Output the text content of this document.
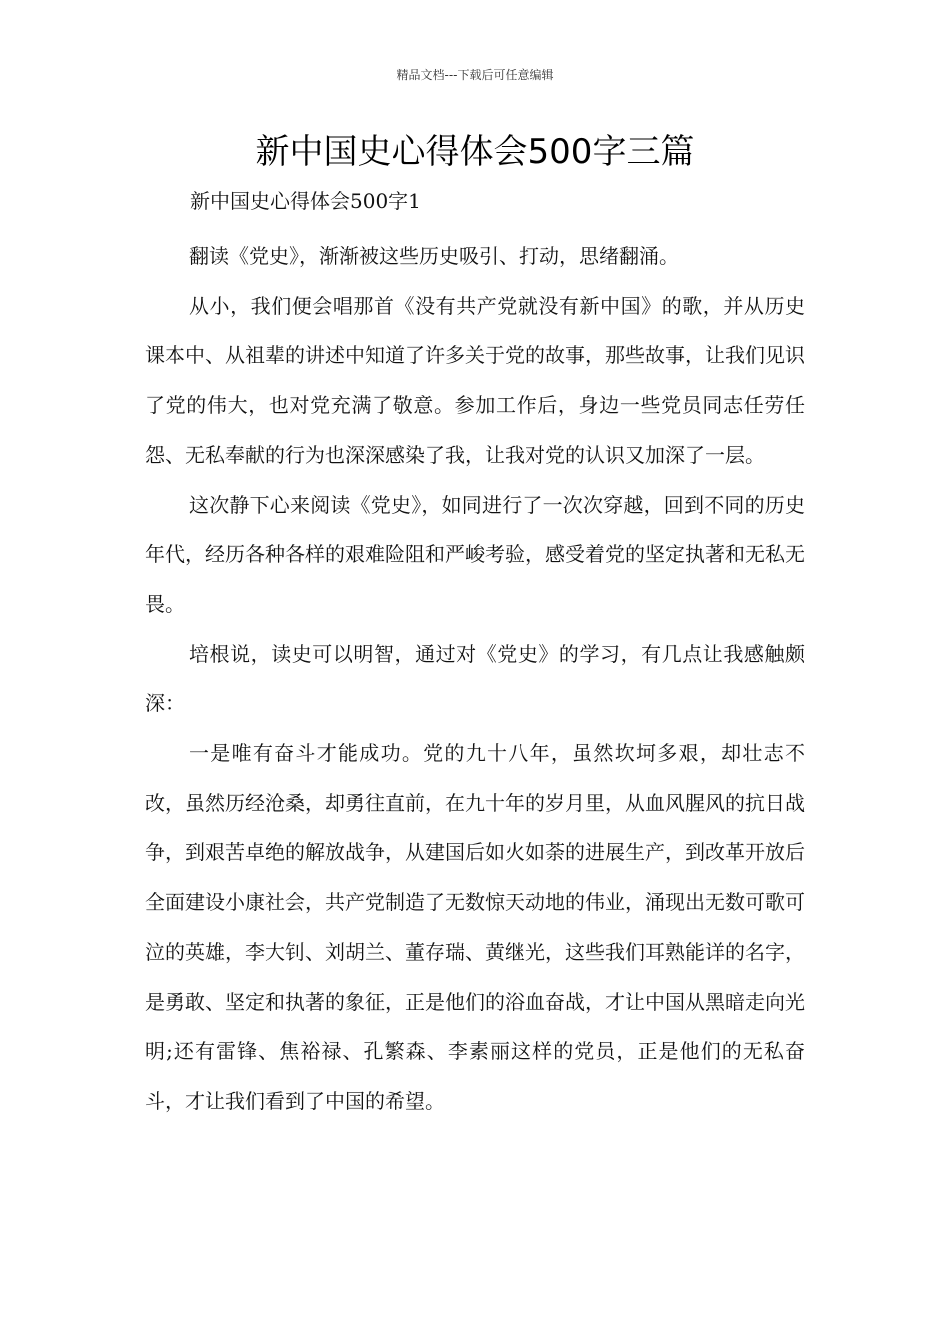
精品文档---下载后可任意编辑
新中国史心得体会500字三篇
新中国史心得体会500字1

翻读《党史》，渐渐被这些历史吸引、打动，思绪翻涌。

从小，我们便会唱那首《没有共产党就没有新中国》的歌，并从历史课本中、从祖辈的讲述中知道了许多关于党的故事，那些故事，让我们见识了党的伟大，也对党充满了敬意。参加工作后，身边一些党员同志任劳任怨、无私奉献的行为也深深感染了我，让我对党的认识又加深了一层。

这次静下心来阅读《党史》，如同进行了一次次穿越，回到不同的历史年代，经历各种各样的艰难险阻和严峻考验，感受着党的坚定执著和无私无畏。

培根说，读史可以明智，通过对《党史》的学习，有几点让我感触颇深：

一是唯有奋斗才能成功。党的九十八年，虽然坎坷多艰，却壮志不改，虽然历经沧桑，却勇往直前，在九十年的岁月里，从血风腥风的抗日战争，到艰苦卓绝的解放战争，从建国后如火如荼的进展生产，到改革开放后全面建设小康社会，共产党制造了无数惊天动地的伟业，涌现出无数可歌可泣的英雄，李大钊、刘胡兰、董存瑞、黄继光，这些我们耳熟能详的名字，是勇敢、坚定和执著的象征，正是他们的浴血奋战，才让中国从黑暗走向光明;还有雷锋、焦裕禄、孔繁森、李素丽这样的党员，正是他们的无私奋斗，才让我们看到了中国的希望。
